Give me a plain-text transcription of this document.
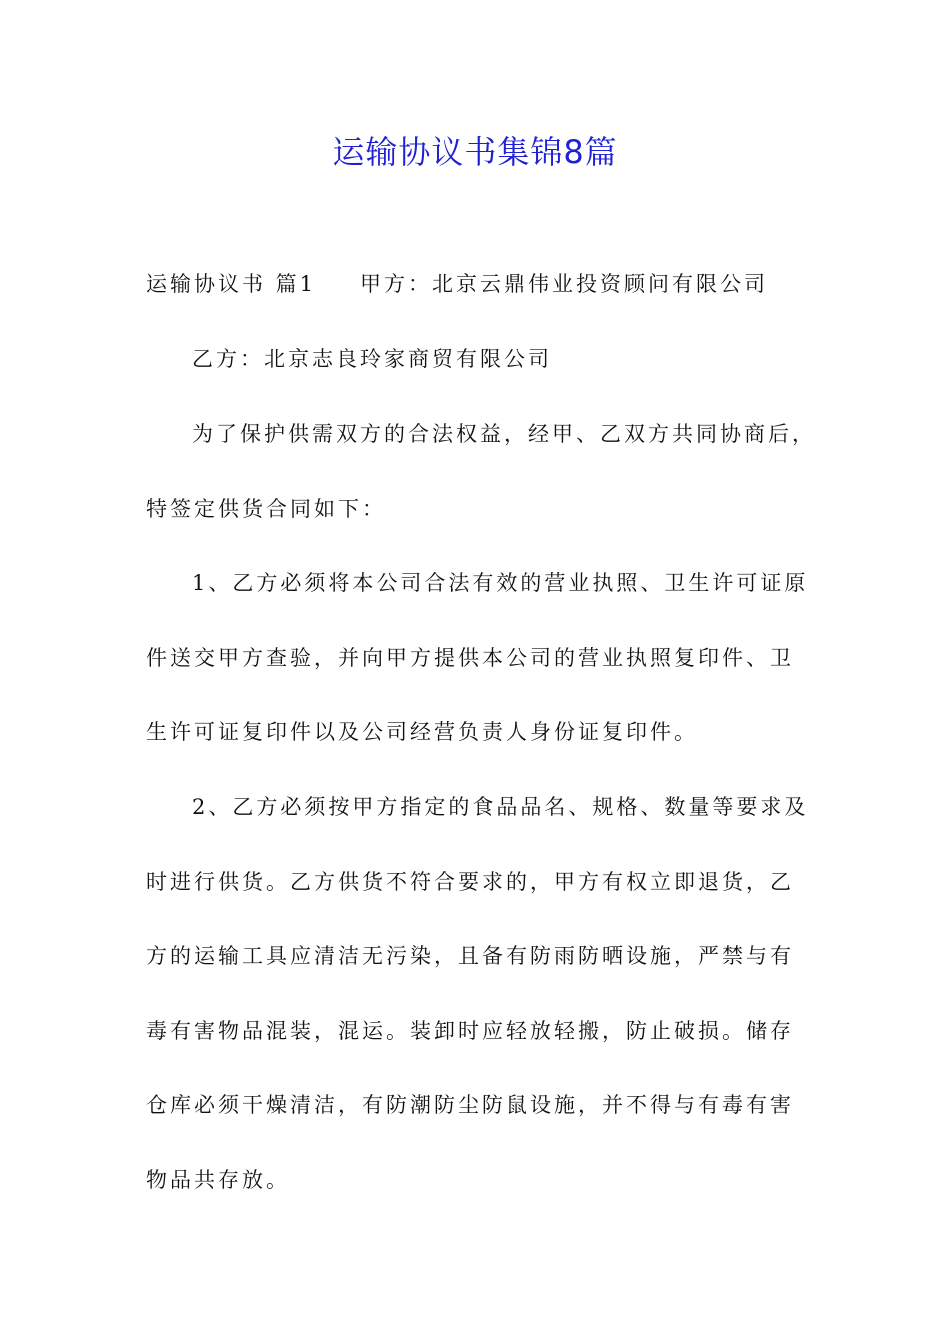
运输协议书集锦8篇
运输协议书 篇1 甲方：北京云鼎伟业投资顾问有限公司
乙方：北京志良玲家商贸有限公司
为了保护供需双方的合法权益，经甲、乙双方共同协商后，
特签定供货合同如下：
1、乙方必须将本公司合法有效的营业执照、卫生许可证原
件送交甲方查验，并向甲方提供本公司的营业执照复印件、卫
生许可证复印件以及公司经营负责人身份证复印件。
2、乙方必须按甲方指定的食品品名、规格、数量等要求及
时进行供货。乙方供货不符合要求的，甲方有权立即退货，乙
方的运输工具应清洁无污染，且备有防雨防晒设施，严禁与有
毒有害物品混装，混运。装卸时应轻放轻搬，防止破损。储存
仓库必须干燥清洁，有防潮防尘防鼠设施，并不得与有毒有害
物品共存放。
